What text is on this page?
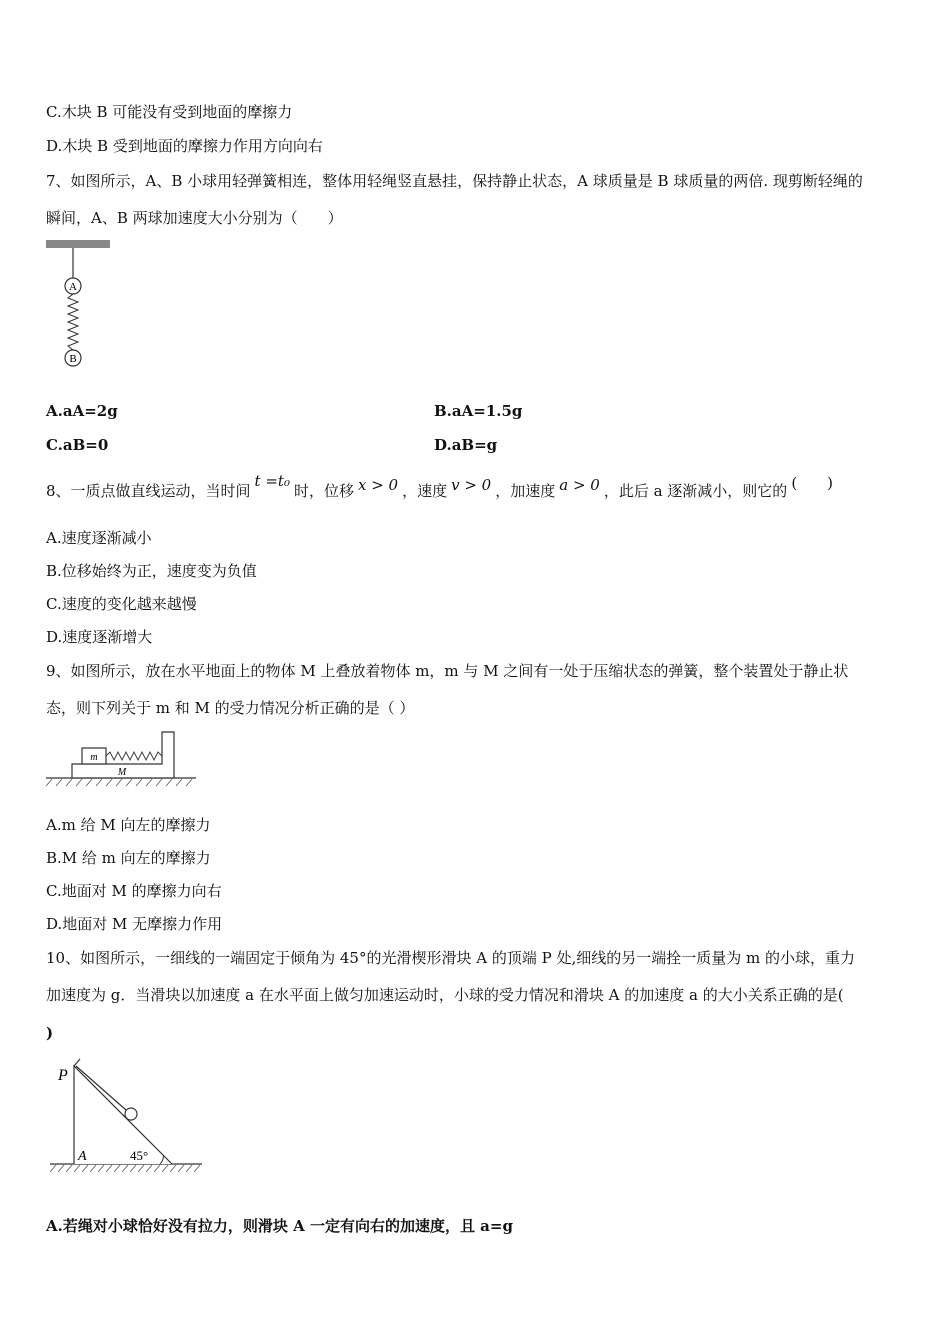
C.木块 B 可能没有受到地面的摩擦力
D.木块 B 受到地面的摩擦力作用方向向右
7、如图所示，A、B 小球用轻弹簧相连，整体用轻绳竖直悬挂，保持静止状态，A 球质量是 B 球质量的两倍. 现剪断轻绳的
瞬间，A、B 两球加速度大小分别为（　　）
A
B
A.aA=2g	B.aA=1.5g
C.aB=0	D.aB=g
8、一质点做直线运动，当时间t =t₀时，位移 x > 0 ，速度 v > 0 ，加速度 a > 0 ，此后 a 逐渐减小，则它的 (　　)
A.速度逐渐减小
B.位移始终为正，速度变为负值
C.速度的变化越来越慢
D.速度逐渐增大
9、如图所示，放在水平地面上的物体 M 上叠放着物体 m，m 与 M 之间有一处于压缩状态的弹簧，整个装置处于静止状
态，则下列关于 m 和 M 的受力情况分析正确的是（ ）
M
m
A.m 给 M 向左的摩擦力
B.M 给 m 向左的摩擦力
C.地面对 M 的摩擦力向右
D.地面对 M 无摩擦力作用
10、如图所示，一细线的一端固定于倾角为 45°的光滑楔形滑块 A 的顶端 P 处,细线的另一端拴一质量为 m 的小球，重力
加速度为 g．当滑块以加速度 a 在水平面上做匀加速运动时，小球的受力情况和滑块 A 的加速度 a 的大小关系正确的是(
)
P
A	45°
A.若绳对小球恰好没有拉力，则滑块 A 一定有向右的加速度，且 a=g
